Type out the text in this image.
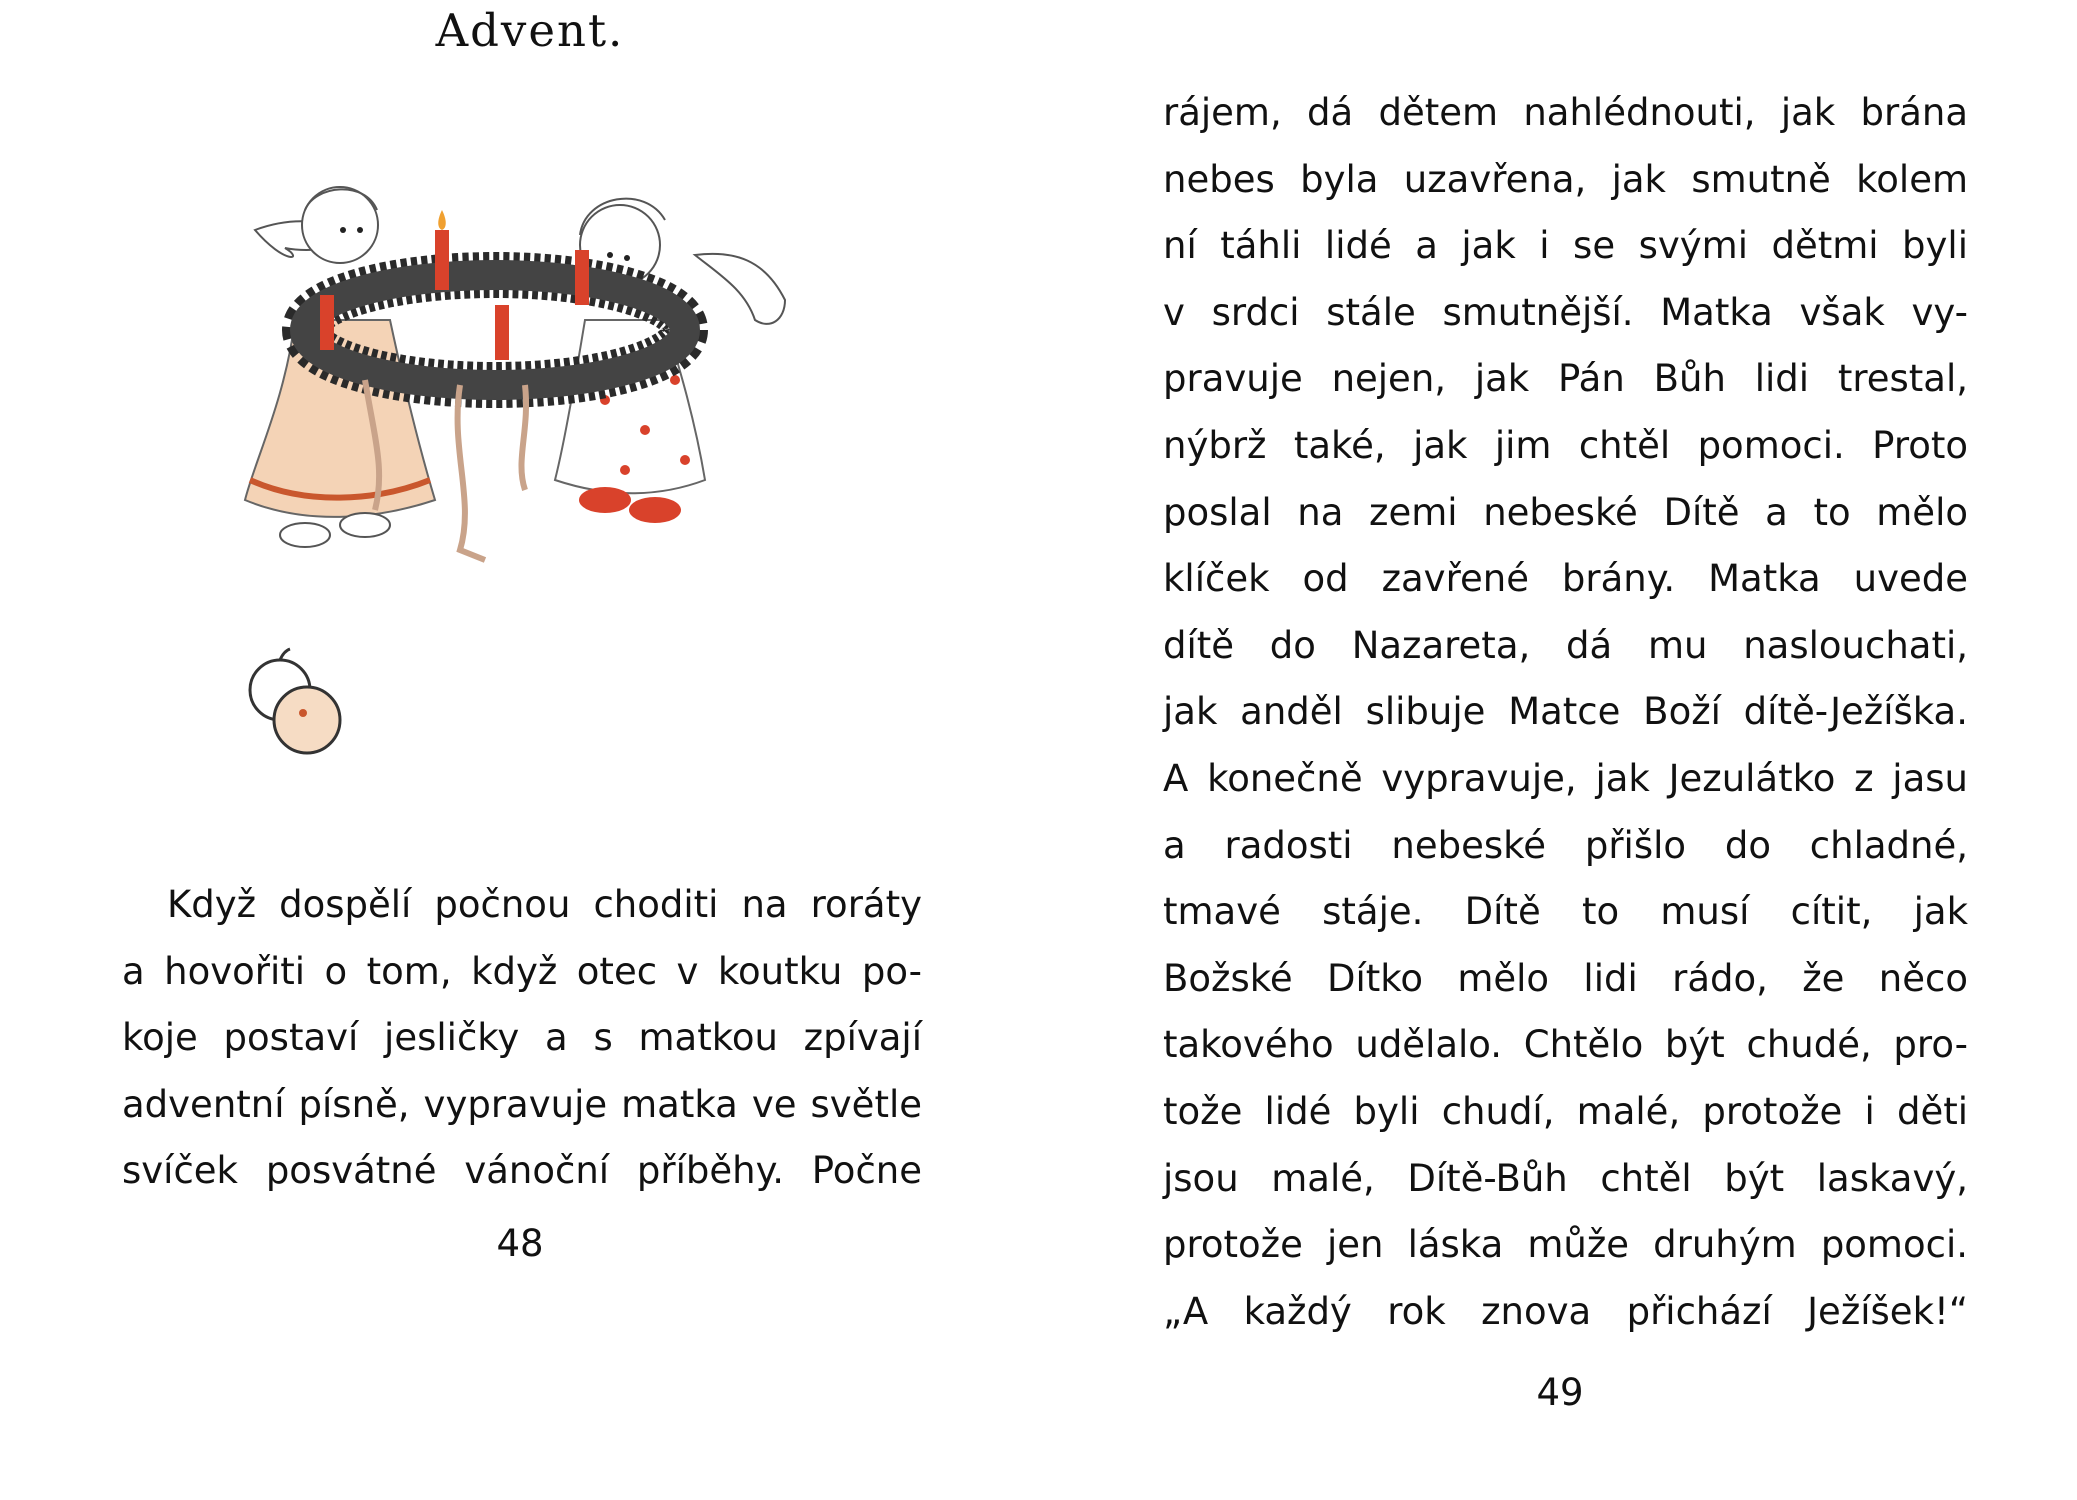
Advent.
Když dospělí počnou choditi na roráty
a hovořiti o tom, když otec v koutku po-
koje postaví jesličky a s matkou zpívají
adventní písně, vypravuje matka ve světle
svíček posvátné vánoční příběhy. Počne
48
rájem, dá dětem nahlédnouti, jak brána
nebes byla uzavřena, jak smutně kolem
ní táhli lidé a jak i se svými dětmi byli
v srdci stále smutnější. Matka však vy-
pravuje nejen, jak Pán Bůh lidi trestal,
nýbrž také, jak jim chtěl pomoci. Proto
poslal na zemi nebeské Dítě a to mělo
klíček od zavřené brány. Matka uvede
dítě do Nazareta, dá mu naslouchati,
jak anděl slibuje Matce Boží dítě-Ježíška.
A konečně vypravuje, jak Jezulátko z jasu
a radosti nebeské přišlo do chladné,
tmavé stáje. Dítě to musí cítit, jak
Božské Dítko mělo lidi rádo, že něco
takového udělalo. Chtělo být chudé, pro-
tože lidé byli chudí, malé, protože i děti
jsou malé, Dítě-Bůh chtěl být laskavý,
protože jen láska může druhým pomoci.
„A každý rok znova přichází Ježíšek!“
49
